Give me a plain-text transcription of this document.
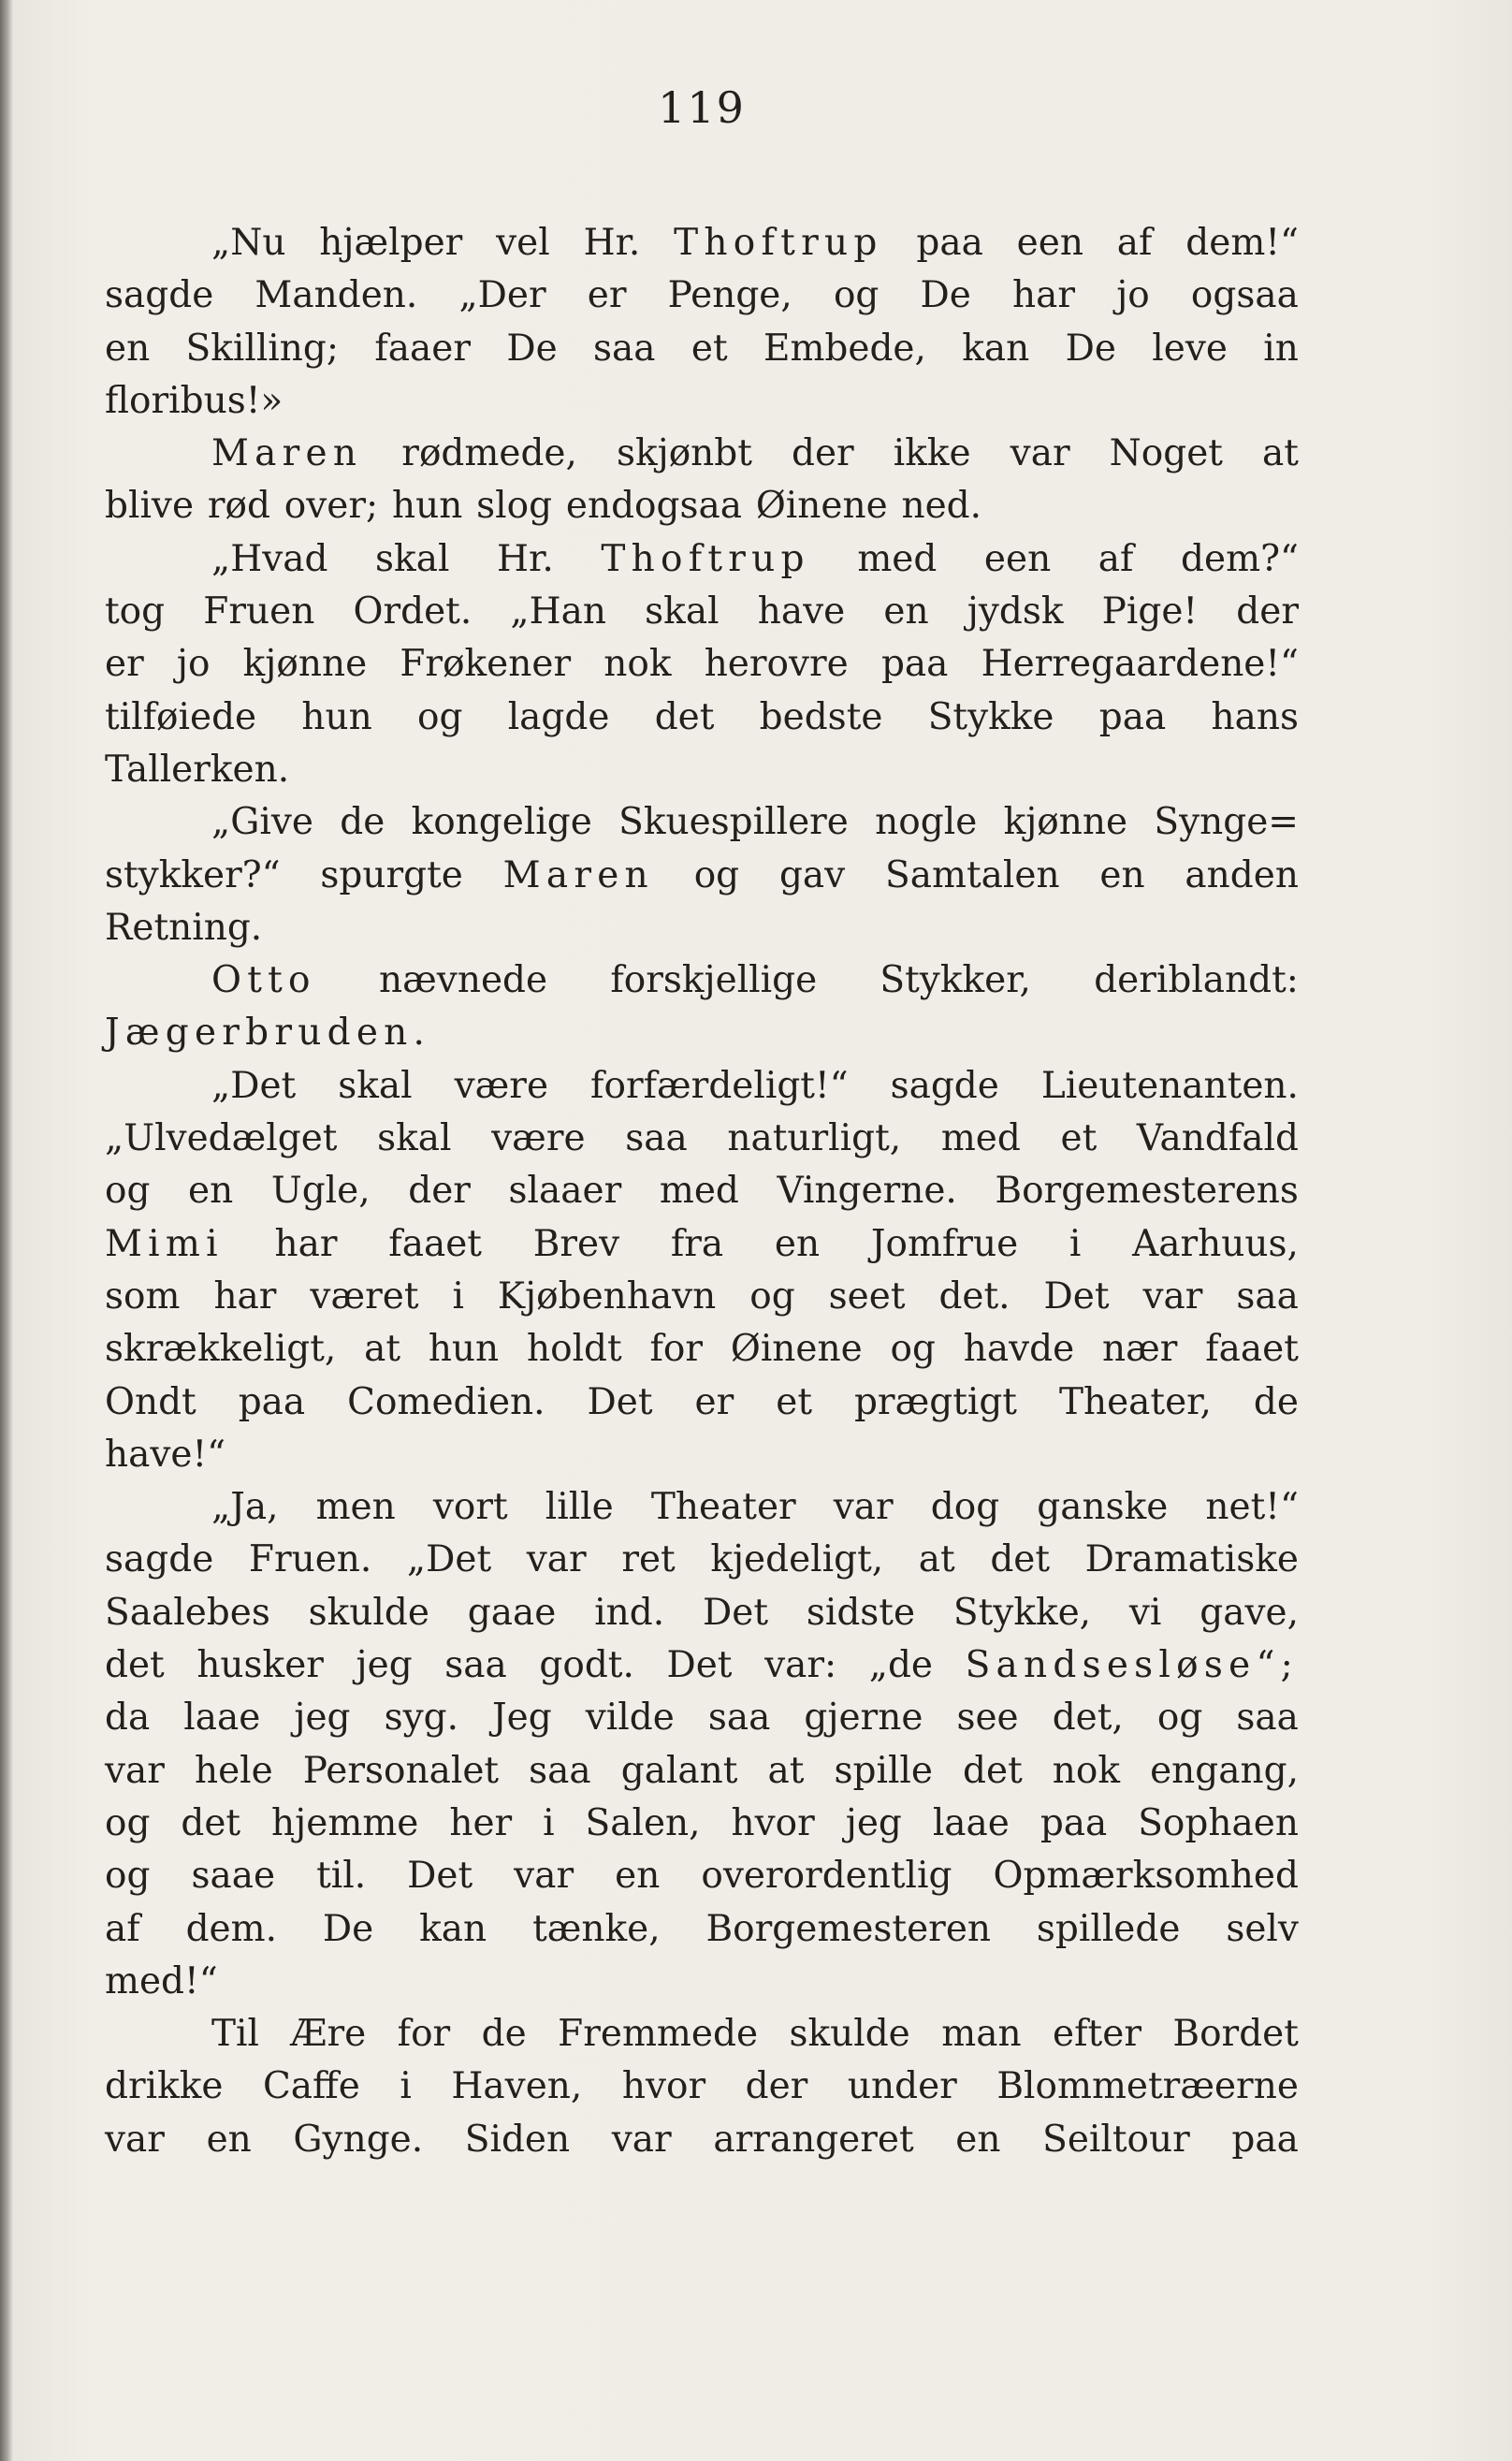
119
„Nu hjælper vel Hr. Thoftrup paa een af dem!“
sagde Manden. „Der er Penge, og De har jo ogsaa
en Skilling; faaer De saa et Embede, kan De leve in
floribus!»
Maren rødmede, skjønbt der ikke var Noget at
blive rød over; hun slog endogsaa Øinene ned.
„Hvad skal Hr. Thoftrup med een af dem?“
tog Fruen Ordet. „Han skal have en jydsk Pige! der
er jo kjønne Frøkener nok herovre paa Herregaardene!“
tilføiede hun og lagde det bedste Stykke paa hans
Tallerken.
„Give de kongelige Skuespillere nogle kjønne Synge=
stykker?“ spurgte Maren og gav Samtalen en anden
Retning.
Otto nævnede forskjellige Stykker, deriblandt:
Jægerbruden.
„Det skal være forfærdeligt!“ sagde Lieutenanten.
„Ulvedælget skal være saa naturligt, med et Vandfald
og en Ugle, der slaaer med Vingerne. Borgemesterens
Mimi har faaet Brev fra en Jomfrue i Aarhuus,
som har været i Kjøbenhavn og seet det. Det var saa
skrækkeligt, at hun holdt for Øinene og havde nær faaet
Ondt paa Comedien. Det er et prægtigt Theater, de
have!“
„Ja, men vort lille Theater var dog ganske net!“
sagde Fruen. „Det var ret kjedeligt, at det Dramatiske
Saalebes skulde gaae ind. Det sidste Stykke, vi gave,
det husker jeg saa godt. Det var: „de Sandsesløse“;
da laae jeg syg. Jeg vilde saa gjerne see det, og saa
var hele Personalet saa galant at spille det nok engang,
og det hjemme her i Salen, hvor jeg laae paa Sophaen
og saae til. Det var en overordentlig Opmærksomhed
af dem. De kan tænke, Borgemesteren spillede selv
med!“
Til Ære for de Fremmede skulde man efter Bordet
drikke Caffe i Haven, hvor der under Blommetræerne
var en Gynge. Siden var arrangeret en Seiltour paa
